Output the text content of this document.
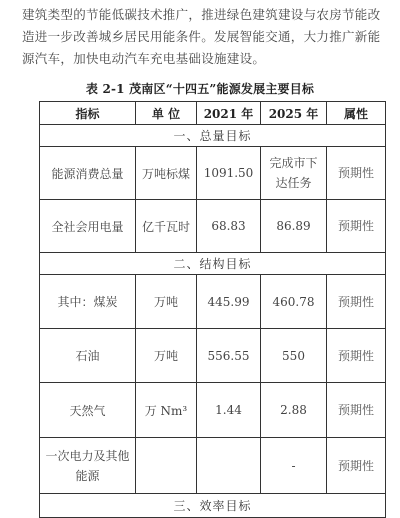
建筑类型的节能低碳技术推广，推进绿色建筑建设与农房节能改

造进一步改善城乡居民用能条件。发展智能交通，大力推广新能

源汽车，加快电动汽车充电基础设施建设。

表 2-1 茂南区“十四五”能源发展主要目标
指标	单 位	2021 年	2025 年	属性
一、总量目标				
能源消费总量	万吨标煤	1091.50	完成市下达任务	预期性
全社会用电量	亿千瓦时	68.83	86.89	预期性
二、结构目标				
其中：煤炭	万吨	445.99	460.78	预期性
石油	万吨	556.55	550	预期性
天然气	万 Nm³	1.44	2.88	预期性
一次电力及其他能源			-	预期性
三、效率目标				
